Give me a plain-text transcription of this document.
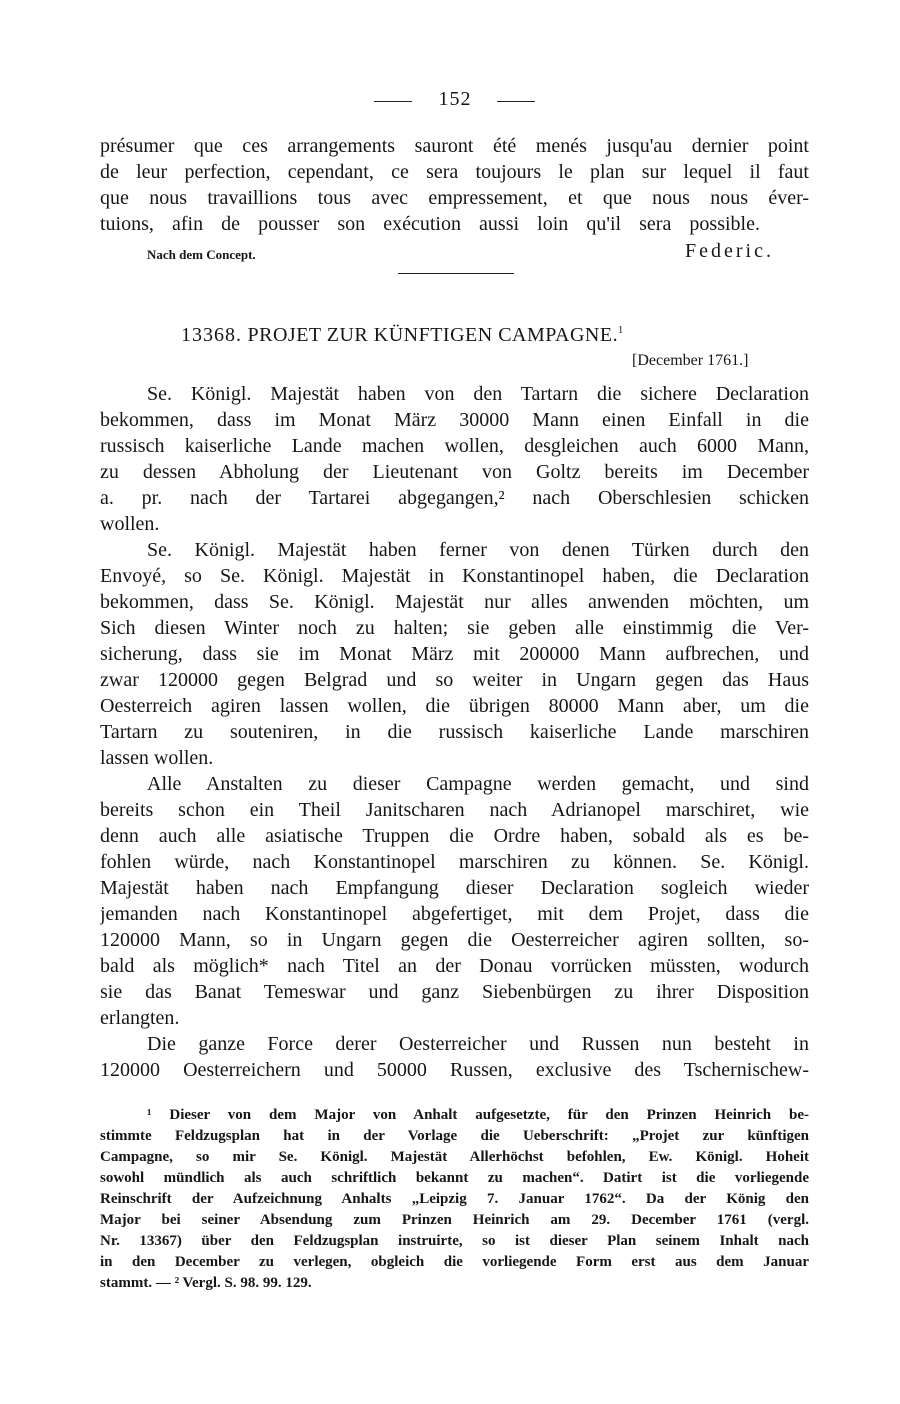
152
présumer que ces arrangements sauront été menés jusqu'au dernier point
de leur perfection, cependant, ce sera toujours le plan sur lequel il faut
que nous travaillions tous avec empressement, et que nous nous éver-
tuions, afin de pousser son exécution aussi loin qu'il sera possible.
Nach dem Concept.	Federic.
13368. PROJET ZUR KÜNFTIGEN CAMPAGNE.$^1$
[December 1761.]
Se. Königl. Majestät haben von den Tartarn die sichere Declaration
bekommen, dass im Monat März 30000 Mann einen Einfall in die
russisch kaiserliche Lande machen wollen, desgleichen auch 6000 Mann,
zu dessen Abholung der Lieutenant von Goltz bereits im December
a. pr. nach der Tartarei abgegangen,² nach Oberschlesien schicken
wollen.
Se. Königl. Majestät haben ferner von denen Türken durch den
Envoyé, so Se. Königl. Majestät in Konstantinopel haben, die Declaration
bekommen, dass Se. Königl. Majestät nur alles anwenden möchten, um
Sich diesen Winter noch zu halten; sie geben alle einstimmig die Ver-
sicherung, dass sie im Monat März mit 200000 Mann aufbrechen, und
zwar 120000 gegen Belgrad und so weiter in Ungarn gegen das Haus
Oesterreich agiren lassen wollen, die übrigen 80000 Mann aber, um die
Tartarn zu souteniren, in die russisch kaiserliche Lande marschiren
lassen wollen.
Alle Anstalten zu dieser Campagne werden gemacht, und sind
bereits schon ein Theil Janitscharen nach Adrianopel marschiret, wie
denn auch alle asiatische Truppen die Ordre haben, sobald als es be-
fohlen würde, nach Konstantinopel marschiren zu können. Se. Königl.
Majestät haben nach Empfangung dieser Declaration sogleich wieder
jemanden nach Konstantinopel abgefertiget, mit dem Projet, dass die
120000 Mann, so in Ungarn gegen die Oesterreicher agiren sollten, so-
bald als möglich* nach Titel an der Donau vorrücken müssten, wodurch
sie das Banat Temeswar und ganz Siebenbürgen zu ihrer Disposition
erlangten.
Die ganze Force derer Oesterreicher und Russen nun besteht in
120000 Oesterreichern und 50000 Russen, exclusive des Tschernischew-
¹ Dieser von dem Major von Anhalt aufgesetzte, für den Prinzen Heinrich be-
stimmte Feldzugsplan hat in der Vorlage die Ueberschrift: „Projet zur künftigen
Campagne, so mir Se. Königl. Majestät Allerhöchst befohlen, Ew. Königl. Hoheit
sowohl mündlich als auch schriftlich bekannt zu machen“. Datirt ist die vorliegende
Reinschrift der Aufzeichnung Anhalts „Leipzig 7. Januar 1762“. Da der König den
Major bei seiner Absendung zum Prinzen Heinrich am 29. December 1761 (vergl.
Nr. 13367) über den Feldzugsplan instruirte, so ist dieser Plan seinem Inhalt nach
in den December zu verlegen, obgleich die vorliegende Form erst aus dem Januar
stammt. — ² Vergl. S. 98. 99. 129.
